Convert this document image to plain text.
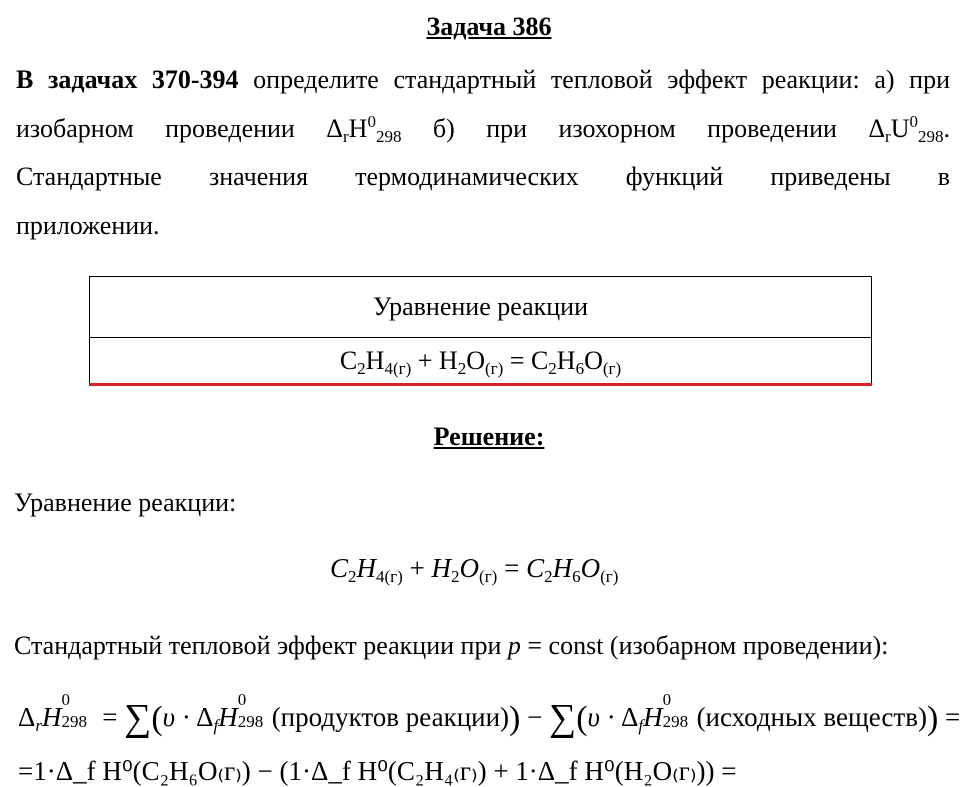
Задача 386
В задачах 370-394 определите стандартный тепловой эффект реакции: а) при
изобарном проведении $\Delta_rH^0_{298}$ б) при изохорном проведении $\Delta_rU^0_{298}$.
Стандартные значения термодинамических функций приведены в
приложении.
Уравнение реакции
$C_2H_{4(г)} + H_2O_{(г)} = C_2H_6O_{(г)}$
Решение:
Уравнение реакции:
$C_2H_{4(г)} + H_2O_{(г)} = C_2H_6O_{(г)}$
Стандартный тепловой эффект реакции при p = const (изобарном проведении):
$\Delta_rH$
0
$298 = \sum(\upsilon \cdot \Delta_fH$
0
298 (продуктов реакции)) − $\sum(\upsilon \cdot \Delta_fH$
0
298 (исходных веществ)) =
=1·Δ_f H⁰(C₂H₆O₍г₎) − (1·Δ_f H⁰(C₂H₄₍г₎) + 1·Δ_f H⁰(H₂O₍г₎)) =
